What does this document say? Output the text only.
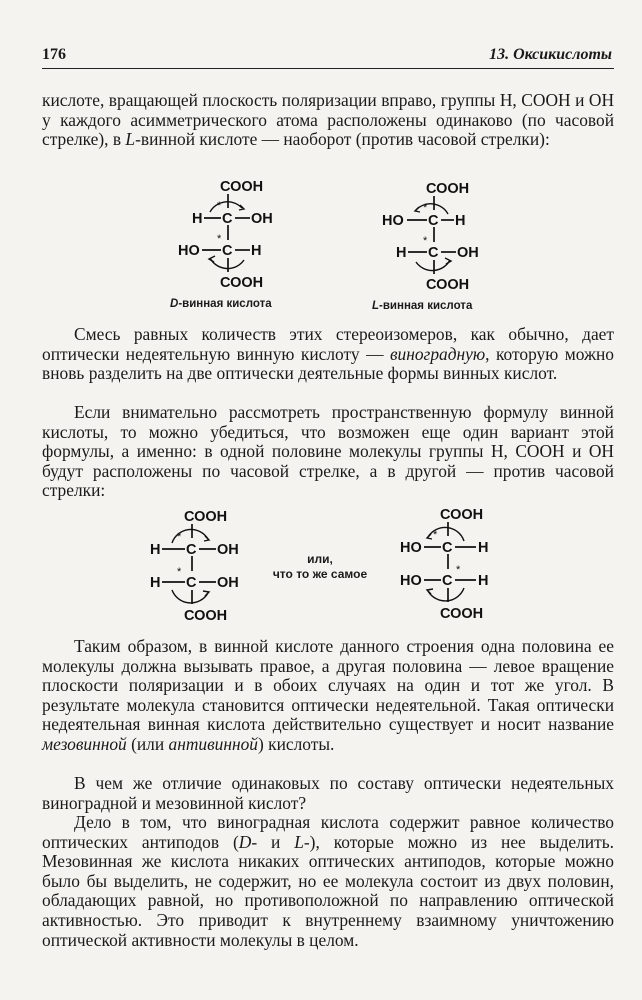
176	13. Оксикислоты

кислоте, вращающей плоскость поляризации вправо, группы Н, СООН и ОН у каждого асимметрического атома расположены одинаково (по часовой стрелке), в L-винной кислоте — наоборот (против часовой стрелки):

СООН
С
Н	ОН
*
С
НО	Н
*
СООН
D-винная кислота
СООН
С
НО	Н
*
С
Н	ОН
*
СООН
L-винная кислота

Смесь равных количеств этих стереоизомеров, как обычно, дает оптически недеятельную винную кислоту — виноградную, которую можно вновь разделить на две оптически деятельные формы винных кислот.

Если внимательно рассмотреть пространственную формулу винной кислоты, то можно убедиться, что возможен еще один вариант этой формулы, а именно: в одной половине молекулы группы Н, СООН и ОН будут расположены по часовой стрелке, а в другой — против часовой стрелки:

СООН
С
Н	ОН
*
С
Н	ОН
*
СООН
или,
что то же самое
СООН
С
НО	Н
*
С
НО	Н
*
СООН

Таким образом, в винной кислоте данного строения одна половина ее молекулы должна вызывать правое, а другая половина — левое вращение плоскости поляризации и в обоих случаях на один и тот же угол. В результате молекула становится оптически недеятельной. Такая оптически недеятельная винная кислота действительно существует и носит название мезовинной (или антивинной) кислоты.

В чем же отличие одинаковых по составу оптически недеятельных виноградной и мезовинной кислот?

Дело в том, что виноградная кислота содержит равное количество оптических антиподов (D- и L-), которые можно из нее выделить. Мезовинная же кислота никаких оптических антиподов, которые можно было бы выделить, не содержит, но ее молекула состоит из двух половин, обладающих равной, но противоположной по направлению оптической активностью. Это приводит к внутреннему взаимному уничтожению оптической активности молекулы в целом.
